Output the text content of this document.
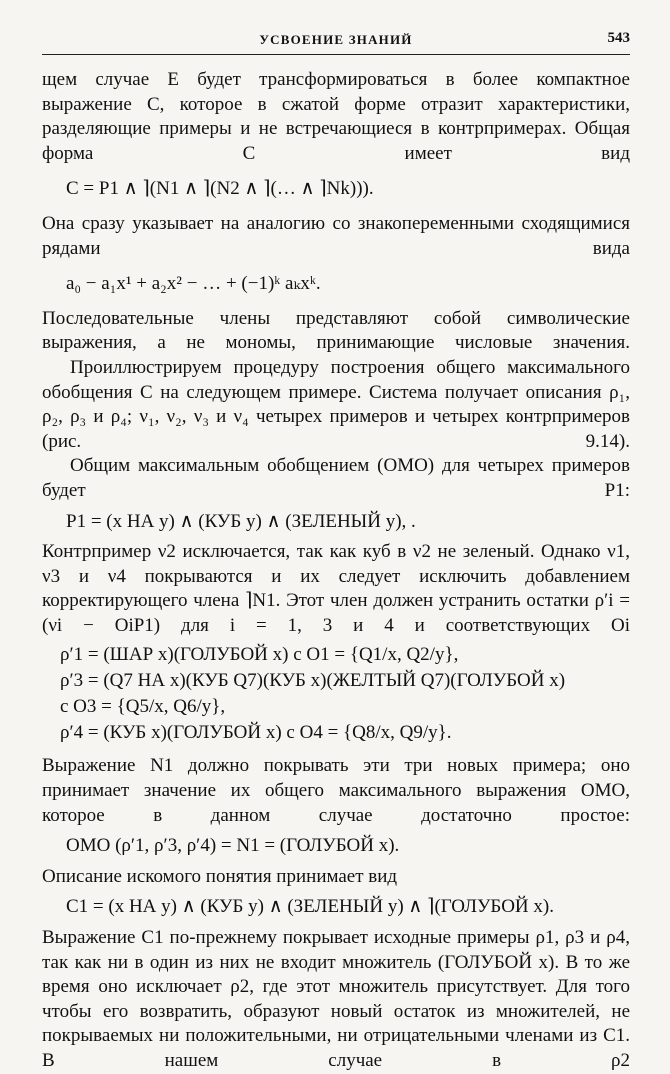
УСВОЕНИЕ ЗНАНИЙ	543

щем случае E будет трансформироваться в более компактное выражение C, которое в сжатой форме отразит характеристики, разделяющие примеры и не встречающиеся в контрпримерах. Общая форма C имеет вид

C = P1 ∧ ⌉(N1 ∧ ⌉(N2 ∧ ⌉(… ∧ ⌉Nk))).

Она сразу указывает на аналогию со знакопеременными сходящимися рядами вида

a₀ − a₁x¹ + a₂x² − … + (−1)ᵏ aₖxᵏ.

Последовательные члены представляют собой символические выражения, а не мономы, принимающие числовые значения.

Проиллюстрируем процедуру построения общего максимального обобщения C на следующем примере. Система получает описания ρ₁, ρ₂, ρ₃ и ρ₄; ν₁, ν₂, ν₃ и ν₄ четырех примеров и четырех контрпримеров (рис. 9.14).

Общим максимальным обобщением (ОМО) для четырех примеров будет P1:

P1 = (x НА y) ∧ (КУБ y) ∧ (ЗЕЛЕНЫЙ y), .

Контрпример ν2 исключается, так как куб в ν2 не зеленый. Однако ν1, ν3 и ν4 покрываются и их следует исключить добавлением корректирующего члена ⌉N1. Этот член должен устранить остатки ρ′i = (νi − OiP1) для i = 1, 3 и 4 и соответствующих Oi

ρ′1 = (ШАР x)(ГОЛУБОЙ x) с O1 = {Q1/x, Q2/y},
ρ′3 = (Q7 НА x)(КУБ Q7)(КУБ x)(ЖЕЛТЫЙ Q7)(ГОЛУБОЙ x)
с O3 = {Q5/x, Q6/y},
ρ′4 = (КУБ x)(ГОЛУБОЙ x) с O4 = {Q8/x, Q9/y}.

Выражение N1 должно покрывать эти три новых примера; оно принимает значение их общего максимального выражения ОМО, которое в данном случае достаточно простое:

ОМО (ρ′1, ρ′3, ρ′4) = N1 = (ГОЛУБОЙ x).

Описание искомого понятия принимает вид

C1 = (x НА y) ∧ (КУБ y) ∧ (ЗЕЛЕНЫЙ y) ∧ ⌉(ГОЛУБОЙ x).

Выражение C1 по-прежнему покрывает исходные примеры ρ1, ρ3 и ρ4, так как ни в один из них не входит множитель (ГОЛУБОЙ x). В то же время оно исключает ρ2, где этот множитель присутствует. Для того чтобы его возвратить, образуют новый остаток из множителей, не покрываемых ни положительными, ни отрицательными членами из C1. В нашем случае в ρ2
